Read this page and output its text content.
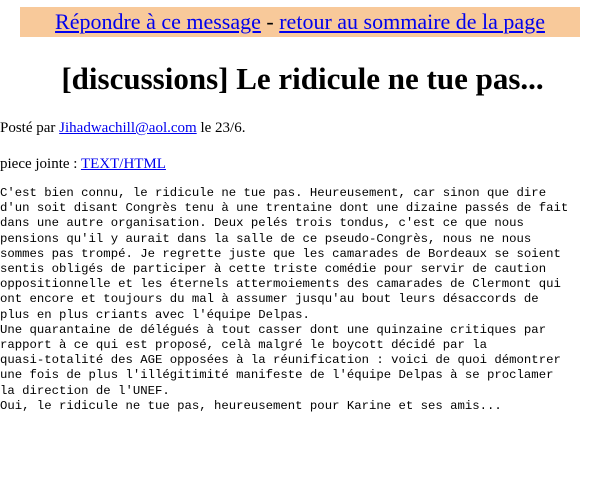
Répondre à ce message - retour au sommaire de la page
[discussions] Le ridicule ne tue pas...
Posté par Jihadwachill@aol.com le 23/6.
piece jointe : TEXT/HTML
C'est bien connu, le ridicule ne tue pas. Heureusement, car sinon que dire
d'un soit disant Congrès tenu à une trentaine dont une dizaine passés de fait
dans une autre organisation. Deux pelés trois tondus, c'est ce que nous
pensions qu'il y aurait dans la salle de ce pseudo-Congrès, nous ne nous
sommes pas trompé. Je regrette juste que les camarades de Bordeaux se soient
sentis obligés de participer à cette triste comédie pour servir de caution
oppositionnelle et les éternels attermoiements des camarades de Clermont qui
ont encore et toujours du mal à assumer jusqu'au bout leurs désaccords de
plus en plus criants avec l'équipe Delpas.
Une quarantaine de délégués à tout casser dont une quinzaine critiques par
rapport à ce qui est proposé, celà malgré le boycott décidé par la
quasi-totalité des AGE opposées à la réunification : voici de quoi démontrer
une fois de plus l'illégitimité manifeste de l'équipe Delpas à se proclamer
la direction de l'UNEF.
Oui, le ridicule ne tue pas, heureusement pour Karine et ses amis...
